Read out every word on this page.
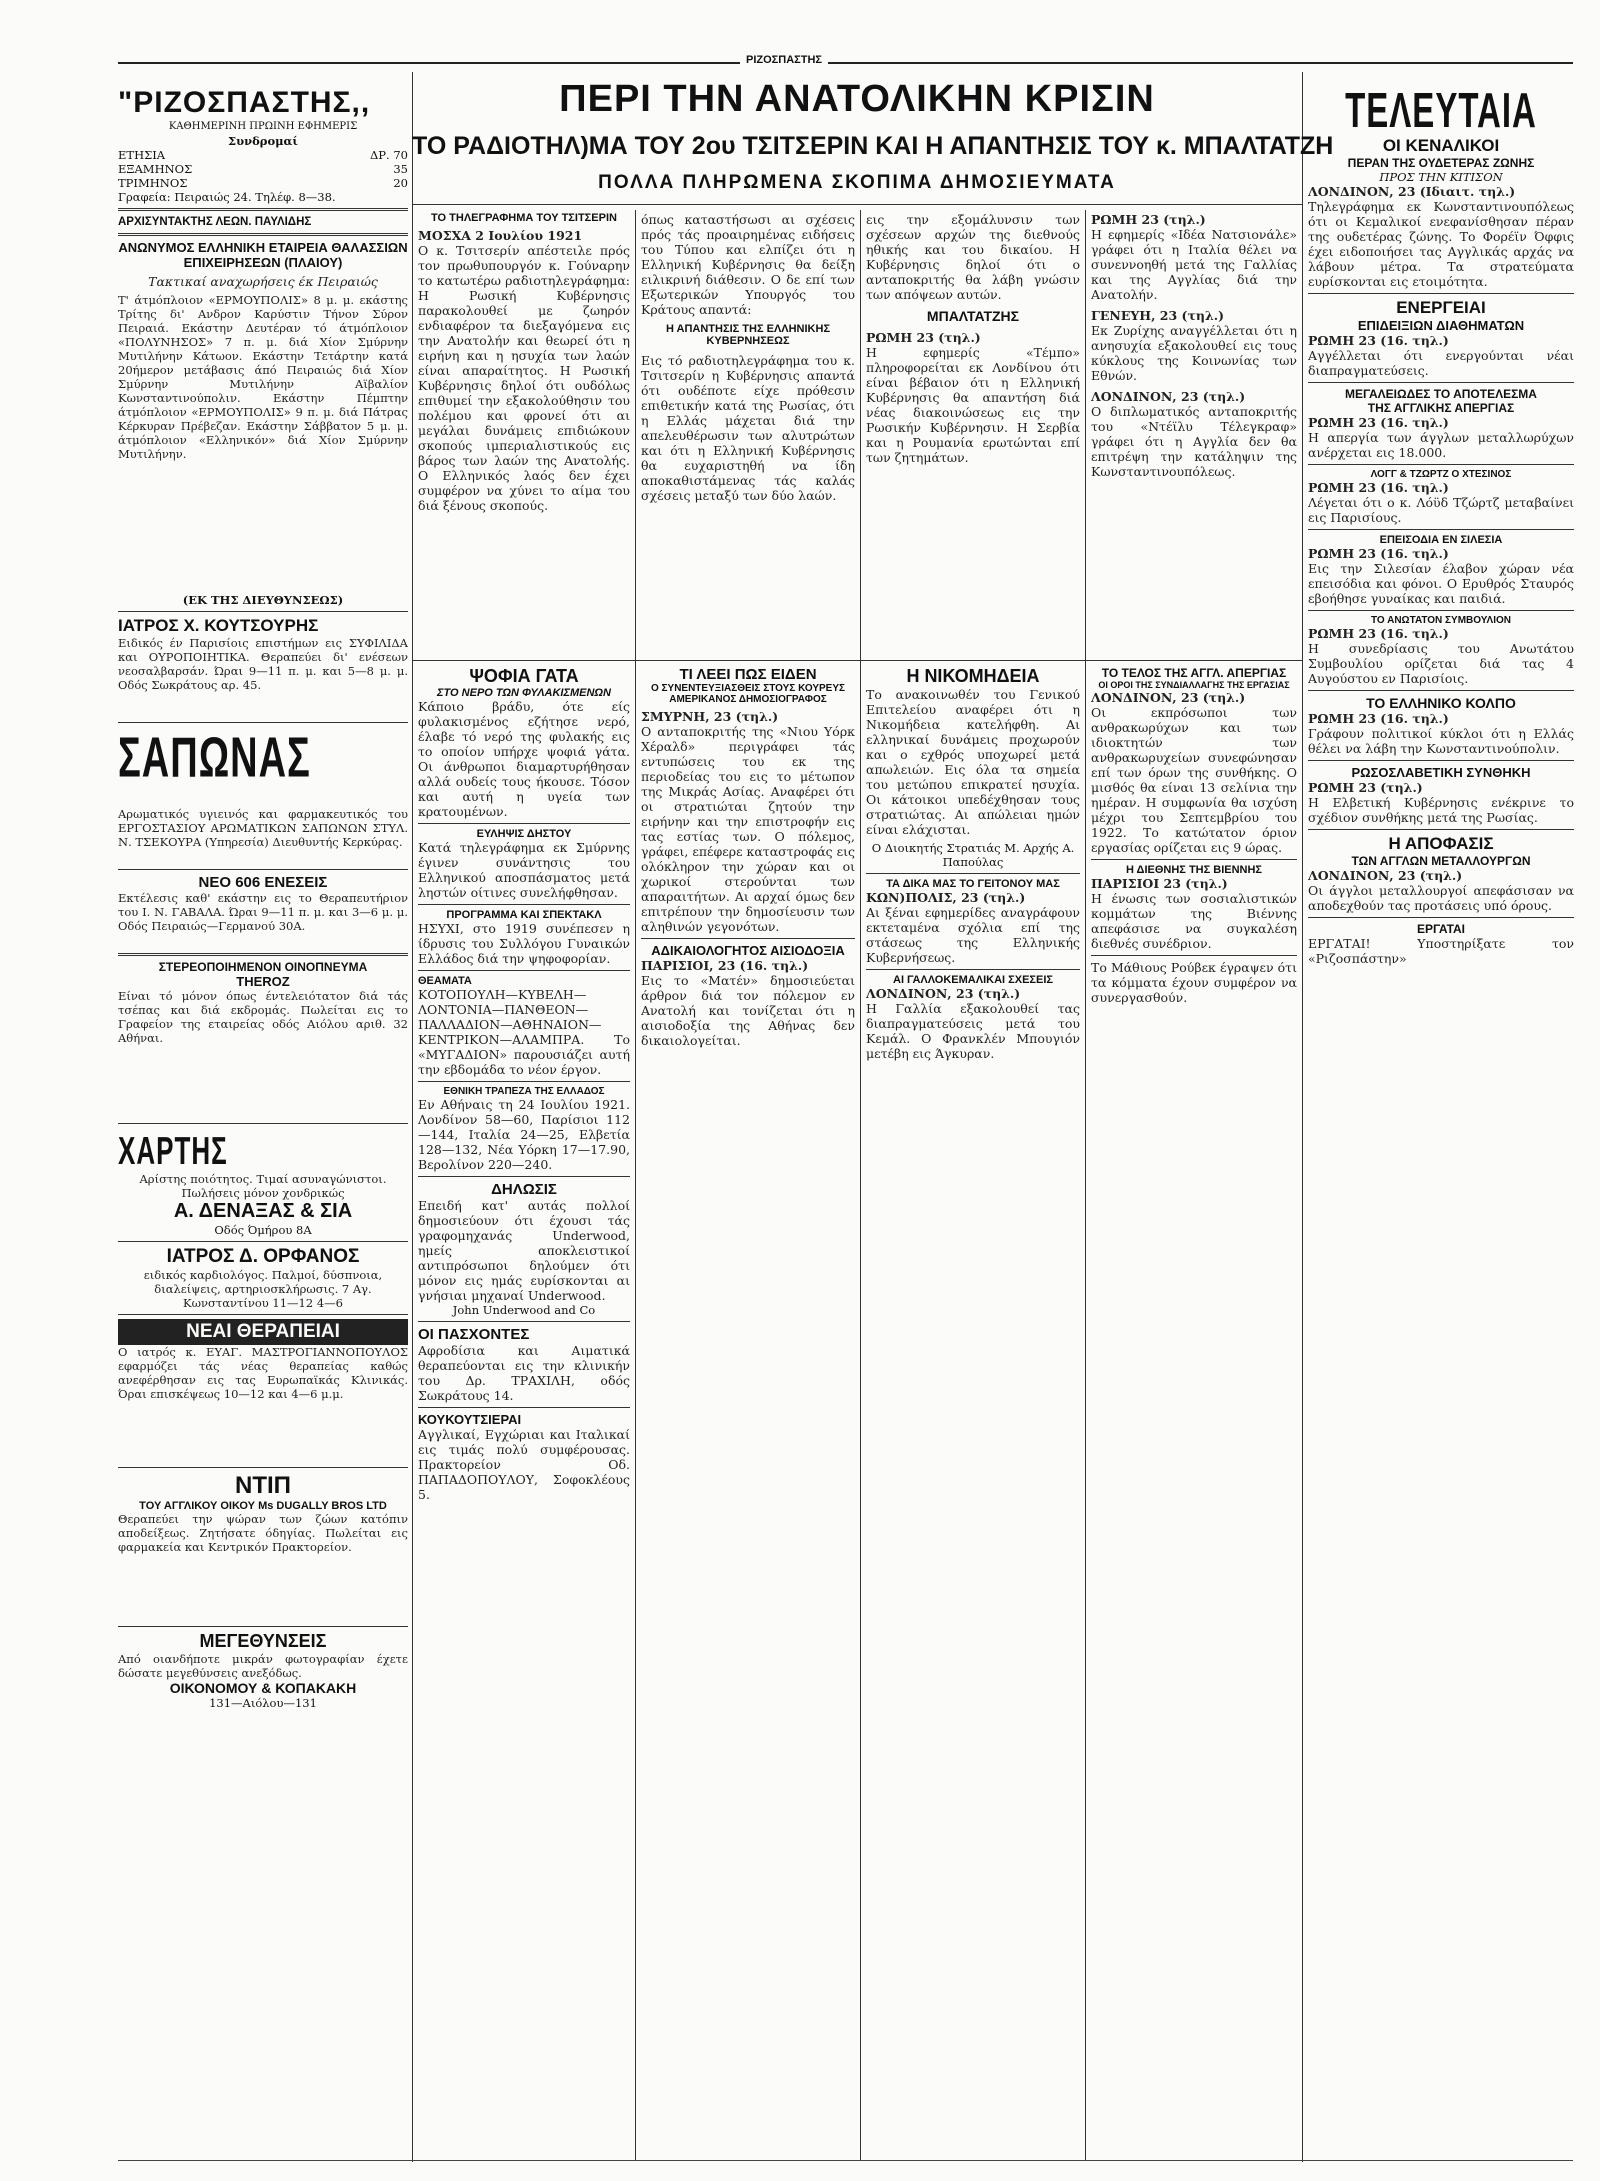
ΡΙΖΟΣΠΑΣΤΗΣ
"ΡΙΖΟΣΠΑΣΤΗΣ,,
ΚΑΘΗΜΕΡΙΝΗ ΠΡΩΙΝΗ ΕΦΗΜΕΡΙΣ
Συνδρομαί
ΕΤΗΣΙΑ	ΔΡ. 70
ΕΞΑΜΗΝΟΣ	35
ΤΡΙΜΗΝΟΣ	20
Γραφεία: Πειραιώς 24. Τηλέφ. 8—38.
ΑΡΧΙΣΥΝΤΑΚΤΗΣ ΛΕΩΝ. ΠΑΥΛΙΔΗΣ
ΑΝΩΝΥΜΟΣ ΕΛΛΗΝΙΚΗ ΕΤΑΙΡΕΙΑ ΘΑΛΑΣΣΙΩΝ ΕΠΙΧΕΙΡΗΣΕΩΝ (ΠΛΑΙΟΥ)
Τακτικαί αναχωρήσεις έκ Πειραιώς
Τ' άτμόπλοιον «ΕΡΜΟΥΠΟΛΙΣ» 8 μ. μ. εκάστης Τρίτης δι' Ανδρον Καρύστιν Τήνον Σύρον Πειραιά. Εκάστην Δευτέραν τό άτμόπλοιον «ΠΟΛΥΝΗΣΟΣ» 7 π. μ. διά Χίον Σμύρνην Μυτιλήνην Κάτωον. Εκάστην Τετάρτην κατά 20ήμερον μετάβασις άπό Πειραιώς διά Χίον Σμύρνην Μυτιλήνην Αϊβαλίον Κωνσταντινούπολιν. Εκάστην Πέμπτην άτμόπλοιον «ΕΡΜΟΥΠΟΛΙΣ» 9 π. μ. διά Πάτρας Κέρκυραν Πρέβεζαν. Εκάστην Σάββατον 5 μ. μ. άτμόπλοιον «Ελληνικόν» διά Χίον Σμύρνην Μυτιλήνην.
(ΕΚ ΤΗΣ ΔΙΕΥΘΥΝΣΕΩΣ)
ΙΑΤΡΟΣ Χ. ΚΟΥΤΣΟΥΡΗΣ
Ειδικός έν Παρισίοις επιστήμων εις ΣΥΦΙΛΙΔΑ και ΟΥΡΟΠΟΙΗΤΙΚΑ. Θεραπεύει δι' ενέσεων νεοσαλβαρσάν. Ώραι 9—11 π. μ. και 5—8 μ. μ. Οδός Σωκράτους αρ. 45.
ΣΑΠΩΝΑΣ
Αρωματικός υγιεινός και φαρμακευτικός του ΕΡΓΟΣΤΑΣΙΟΥ ΑΡΩΜΑΤΙΚΩΝ ΣΑΠΩΝΩΝ ΣΤΥΛ. Ν. ΤΣΕΚΟΥΡΑ (Υπηρεσία) Διευθυντής Κερκύρας.
ΝΕΟ 606 ΕΝΕΣΕΙΣ
Εκτέλεσις καθ' εκάστην εις το Θεραπευτήριον του Ι. Ν. ΓΑΒΑΛΑ. Ώραι 9—11 π. μ. και 3—6 μ. μ. Οδός Πειραιώς—Γερμανού 30Α.
ΣΤΕΡΕΟΠΟΙΗΜΕΝΟΝ ΟΙΝΟΠΝΕΥΜΑ
THEROZ
Είναι τό μόνον όπως έντελειότατον διά τάς τσέπας και διά εκδρομάς. Πωλείται εις το Γραφείον της εταιρείας οδός Αιόλου αριθ. 32 Αθήναι.
ΧΑΡΤΗΣ
Αρίστης ποιότητος. Τιμαί ασυναγώνιστοι. Πωλήσεις μόνον χονδρικώς
Α. ΔΕΝΑΞΑΣ & ΣΙΑ
Οδός Όμήρου 8Α
ΙΑΤΡΟΣ Δ. ΟΡΦΑΝΟΣ
ειδικός καρδιολόγος. Παλμοί, δύσπνοια, διαλείψεις, αρτηριοσκλήρωσις. 7 Αγ. Κωνσταντίνου 11—12 4—6
ΝΕΑΙ ΘΕΡΑΠΕΙΑΙ
Ο ιατρός κ. ΕΥΑΓ. ΜΑΣΤΡΟΓΙΑΝΝΟΠΟΥΛΟΣ εφαρμόζει τάς νέας θεραπείας καθώς ανεφέρθησαν εις τας Ευρωπαϊκάς Κλινικάς. Όραι επισκέψεως 10—12 και 4—6 μ.μ.
ΝΤΙΠ
ΤΟΥ ΑΓΓΛΙΚΟΥ ΟΙΚΟΥ Μs DUGALLY BROS LTD
Θεραπεύει την ψώραν των ζώων κατόπιν αποδείξεως. Ζητήσατε όδηγίας. Πωλείται εις φαρμακεία και Κεντρικόν Πρακτορείον.
ΜΕΓΕΘΥΝΣΕΙΣ
Από οιανδήποτε μικράν φωτογραφίαν έχετε δώσατε μεγεθύνσεις ανεξόδως.
ΟΙΚΟΝΟΜΟΥ & ΚΟΠΑΚΑΚΗ
131—Αιόλου—131
ΠΕΡΙ ΤΗΝ ΑΝΑΤΟΛΙΚΗΝ ΚΡΙΣΙΝ
ΤΟ ΡΑΔΙΟΤΗΛ)ΜΑ ΤΟΥ 2ου ΤΣΙΤΣΕΡΙΝ ΚΑΙ Η ΑΠΑΝΤΗΣΙΣ ΤΟΥ κ. ΜΠΑΛΤΑΤΖΗ
ΠΟΛΛΑ ΠΛΗΡΩΜΕΝΑ ΣΚΟΠΙΜΑ ΔΗΜΟΣΙΕΥΜΑΤΑ
ΤΟ ΤΗΛΕΓΡΑΦΗΜΑ ΤΟΥ ΤΣΙΤΣΕΡΙΝ
ΜΟΣΧΑ 2 Ιουλίου 1921
Ο κ. Τσιτσερίν απέστειλε πρός τον πρωθυπουργόν κ. Γούναρην το κατωτέρω ραδιοτηλεγράφημα: Η Ρωσική Κυβέρνησις παρακολουθεί με ζωηρόν ενδιαφέρον τα διεξαγόμενα εις την Ανατολήν και θεωρεί ότι η ειρήνη και η ησυχία των λαών είναι απαραίτητος. Η Ρωσική Κυβέρνησις δηλοί ότι ουδόλως επιθυμεί την εξακολούθησιν του πολέμου και φρονεί ότι αι μεγάλαι δυνάμεις επιδιώκουν σκοπούς ιμπεριαλιστικούς εις βάρος των λαών της Ανατολής. Ο Ελληνικός λαός δεν έχει συμφέρον να χύνει το αίμα του διά ξένους σκοπούς.
όπως καταστήσωσι αι σχέσεις πρός τάς προαιρημένας ειδήσεις του Τύπου και ελπίζει ότι η Ελληνική Κυβέρνησις θα δείξη ειλικρινή διάθεσιν. Ο δε επί των Εξωτερικών Υπουργός του Κράτους απαντά:
Η ΑΠΑΝΤΗΣΙΣ ΤΗΣ ΕΛΛΗΝΙΚΗΣ ΚΥΒΕΡΝΗΣΕΩΣ
Εις τό ραδιοτηλεγράφημα του κ. Τσιτσερίν η Κυβέρνησις απαντά ότι ουδέποτε είχε πρόθεσιν επιθετικήν κατά της Ρωσίας, ότι η Ελλάς μάχεται διά την απελευθέρωσιν των αλυτρώτων και ότι η Ελληνική Κυβέρνησις θα ευχαριστηθή να ίδη αποκαθιστάμενας τάς καλάς σχέσεις μεταξύ των δύο λαών.
εις την εξομάλυνσιν των σχέσεων αρχών της διεθνούς ηθικής και του δικαίου. Η Κυβέρνησις δηλοί ότι ο ανταποκριτής θα λάβη γνώσιν των απόψεων αυτών.
ΜΠΑΛΤΑΤΖΗΣ
ΡΩΜΗ 23 (τηλ.)
Η εφημερίς «Τέμπο» πληροφορείται εκ Λονδίνου ότι είναι βέβαιον ότι η Ελληνική Κυβέρνησις θα απαντήση διά νέας διακοινώσεως εις την Ρωσικήν Κυβέρνησιν. Η Σερβία και η Ρουμανία ερωτώνται επί των ζητημάτων.
ΡΩΜΗ 23 (τηλ.)
Η εφημερίς «Ιδέα Νατσιονάλε» γράφει ότι η Ιταλία θέλει να συνεννοηθή μετά της Γαλλίας και της Αγγλίας διά την Ανατολήν.
ΓΕΝΕΥΗ, 23 (τηλ.)
Εκ Ζυρίχης αναγγέλλεται ότι η ανησυχία εξακολουθεί εις τους κύκλους της Κοινωνίας των Εθνών.
ΛΟΝΔΙΝΟΝ, 23 (τηλ.)
Ο διπλωματικός ανταποκριτής του «Ντέϊλυ Τέλεγκραφ» γράφει ότι η Αγγλία δεν θα επιτρέψη την κατάληψιν της Κωνσταντινουπόλεως.
ΨΟΦΙΑ ΓΑΤΑ
ΣΤΟ ΝΕΡΟ ΤΩΝ ΦΥΛΑΚΙΣΜΕΝΩΝ
Κάποιο βράδυ, ότε είς φυλακισμένος εζήτησε νερό, έλαβε τό νερό της φυλακής εις το οποίον υπήρχε ψοφιά γάτα. Οι άνθρωποι διαμαρτυρήθησαν αλλά ουδείς τους ήκουσε. Τόσον και αυτή η υγεία των κρατουμένων.
ΕΥΛΗΨΙΣ ΔΗΣΤΟΥ
Κατά τηλεγράφημα εκ Σμύρνης έγινεν συνάντησις του Ελληνικού αποσπάσματος μετά ληστών οίτινες συνελήφθησαν.
ΠΡΟΓΡΑΜΜΑ ΚΑΙ ΣΠΕΚΤΑΚΛ
ΗΣΥΧΙ, στο 1919 συνέπεσεν η ίδρυσις του Συλλόγου Γυναικών Ελλάδος διά την ψηφοφορίαν.
ΘΕΑΜΑΤΑ
ΚΟΤΟΠΟΥΛΗ—ΚΥΒΕΛΗ—ΛΟΝΤΟΝΙΑ—ΠΑΝΘΕΟΝ—ΠΑΛΛΑΔΙΟΝ—ΑΘΗΝΑΙΟΝ—ΚΕΝΤΡΙΚΟΝ—ΑΛΑΜΠΡΑ. Το «ΜΥΓΑΔΙΟΝ» παρουσιάζει αυτή την εβδομάδα το νέον έργον.
ΕΘΝΙΚΗ ΤΡΑΠΕΖΑ ΤΗΣ ΕΛΛΑΔΟΣ
Εν Αθήναις τη 24 Ιουλίου 1921. Λονδίνον 58—60, Παρίσιοι 112—144, Ιταλία 24—25, Ελβετία 128—132, Νέα Υόρκη 17—17.90, Βερολίνον 220—240.
ΔΗΛΩΣΙΣ
Επειδή κατ' αυτάς πολλοί δημοσιεύουν ότι έχουσι τάς γραφομηχανάς Underwood, ημείς αποκλειστικοί αντιπρόσωποι δηλούμεν ότι μόνον εις ημάς ευρίσκονται αι γνήσιαι μηχαναί Underwood.
John Underwood and Co
ΟΙ ΠΑΣΧΟΝΤΕΣ
Αφροδίσια και Αιματικά θεραπεύονται εις την κλινικήν του Δρ. ΤΡΑΧΙΛΗ, οδός Σωκράτους 14.
ΚΟΥΚΟΥΤΣΙΕΡΑΙ
Αγγλικαί, Εγχώριαι και Ιταλικαί εις τιμάς πολύ συμφέρουσας. Πρακτορείον Οδ. ΠΑΠΑΔΟΠΟΥΛΟΥ, Σοφοκλέους 5.
ΤΙ ΛΕΕΙ ΠΩΣ ΕΙΔΕΝ
Ο ΣΥΝΕΝΤΕΥΞΙΑΣΘΕΙΣ ΣΤΟΥΣ ΚΟΥΡΕΥΣ ΑΜΕΡΙΚΑΝΟΣ ΔΗΜΟΣΙΟΓΡΑΦΟΣ
ΣΜΥΡΝΗ, 23 (τηλ.)
Ο ανταποκριτής της «Νιου Υόρκ Χέραλδ» περιγράφει τάς εντυπώσεις του εκ της περιοδείας του εις το μέτωπον της Μικράς Ασίας. Αναφέρει ότι οι στρατιώται ζητούν την ειρήνην και την επιστροφήν εις τας εστίας των. Ο πόλεμος, γράφει, επέφερε καταστροφάς εις ολόκληρον την χώραν και οι χωρικοί στερούνται των απαραιτήτων. Αι αρχαί όμως δεν επιτρέπουν την δημοσίευσιν των αληθινών γεγονότων.
ΑΔΙΚΑΙΟΛΟΓΗΤΟΣ ΑΙΣΙΟΔΟΞΙΑ
ΠΑΡΙΣΙΟΙ, 23 (16. τηλ.)
Εις το «Ματέν» δημοσιεύεται άρθρον διά τον πόλεμον εν Ανατολή και τονίζεται ότι η αισιοδοξία της Αθήνας δεν δικαιολογείται.
Η ΝΙΚΟΜΗΔΕΙΑ
Το ανακοινωθέν του Γενικού Επιτελείου αναφέρει ότι η Νικομήδεια κατελήφθη. Αι ελληνικαί δυνάμεις προχωρούν και ο εχθρός υποχωρεί μετά απωλειών. Εις όλα τα σημεία του μετώπου επικρατεί ησυχία. Οι κάτοικοι υπεδέχθησαν τους στρατιώτας. Αι απώλειαι ημών είναι ελάχισται.
Ο Διοικητής Στρατιάς Μ. Αρχής Α. Παπούλας
ΤΑ ΔΙΚΑ ΜΑΣ ΤΟ ΓΕΙΤΟΝΟΥ ΜΑΣ
ΚΩΝ)ΠΟΛΙΣ, 23 (τηλ.)
Αι ξέναι εφημερίδες αναγράφουν εκτεταμένα σχόλια επί της στάσεως της Ελληνικής Κυβερνήσεως.
ΑΙ ΓΑΛΛΟΚΕΜΑΛΙΚΑΙ ΣΧΕΣΕΙΣ
ΛΟΝΔΙΝΟΝ, 23 (τηλ.)
Η Γαλλία εξακολουθεί τας διαπραγματεύσεις μετά του Κεμάλ. Ο Φρανκλέν Μπουγιόν μετέβη εις Άγκυραν.
ΤΟ ΤΕΛΟΣ ΤΗΣ ΑΓΓΛ. ΑΠΕΡΓΙΑΣ
ΟΙ ΟΡΟΙ ΤΗΣ ΣΥΝΔΙΑΛΛΑΓΗΣ ΤΗΣ ΕΡΓΑΣΙΑΣ
ΛΟΝΔΙΝΟΝ, 23 (τηλ.)
Οι εκπρόσωποι των ανθρακωρύχων και των ιδιοκτητών των ανθρακωρυχείων συνεφώνησαν επί των όρων της συνθήκης. Ο μισθός θα είναι 13 σελίνια την ημέραν. Η συμφωνία θα ισχύση μέχρι του Σεπτεμβρίου του 1922. Το κατώτατον όριον εργασίας ορίζεται εις 9 ώρας.
Η ΔΙΕΘΝΗΣ ΤΗΣ ΒΙΕΝΝΗΣ
ΠΑΡΙΣΙΟΙ 23 (τηλ.)
Η ένωσις των σοσιαλιστικών κομμάτων της Βιέννης απεφάσισε να συγκαλέση διεθνές συνέδριον.
Το Μάθιους Ρούβεκ έγραψεν ότι τα κόμματα έχουν συμφέρον να συνεργασθούν.
ΤΕΛΕΥΤΑΙΑ
ΟΙ ΚΕΝΑΛΙΚΟΙ
ΠΕΡΑΝ ΤΗΣ ΟΥΔΕΤΕΡΑΣ ΖΩΝΗΣ
ΠΡΟΣ ΤΗΝ ΚΙΤΙΣΟΝ
ΛΟΝΔΙΝΟΝ, 23 (Ιδιαιτ. τηλ.)
Τηλεγράφημα εκ Κωνσταντινουπόλεως ότι οι Κεμαλικοί ενεφανίσθησαν πέραν της ουδετέρας ζώνης. Το Φορέϊν Όφφις έχει ειδοποιήσει τας Αγγλικάς αρχάς να λάβουν μέτρα. Τα στρατεύματα ευρίσκονται εις ετοιμότητα.
ΕΝΕΡΓΕΙΑΙ
ΕΠΙΔΕΙΞΙΩΝ ΔΙΑΘΗΜΑΤΩΝ
ΡΩΜΗ 23 (16. τηλ.)
Αγγέλλεται ότι ενεργούνται νέαι διαπραγματεύσεις.
ΜΕΓΑΛΕΙΩΔΕΣ ΤΟ ΑΠΟΤΕΛΕΣΜΑ
ΤΗΣ ΑΓΓΛΙΚΗΣ ΑΠΕΡΓΙΑΣ
ΡΩΜΗ 23 (16. τηλ.)
Η απεργία των άγγλων μεταλλωρύχων ανέρχεται εις 18.000.
ΛΟΓΓ & ΤΖΩΡΤΖ Ο ΧΤΕΣΙΝΟΣ
ΡΩΜΗ 23 (16. τηλ.)
Λέγεται ότι ο κ. Λόϋδ Τζώρτζ μεταβαίνει εις Παρισίους.
ΕΠΕΙΣΟΔΙΑ ΕΝ ΣΙΛΕΣΙΑ
ΡΩΜΗ 23 (16. τηλ.)
Εις την Σιλεσίαν έλαβον χώραν νέα επεισόδια και φόνοι. Ο Ερυθρός Σταυρός εβοήθησε γυναίκας και παιδιά.
ΤΟ ΑΝΩΤΑΤΟΝ ΣΥΜΒΟΥΛΙΟΝ
ΡΩΜΗ 23 (16. τηλ.)
Η συνεδρίασις του Ανωτάτου Συμβουλίου ορίζεται διά τας 4 Αυγούστου εν Παρισίοις.
ΤΟ ΕΛΛΗΝΙΚΟ ΚΟΛΠΟ
ΡΩΜΗ 23 (16. τηλ.)
Γράφουν πολιτικοί κύκλοι ότι η Ελλάς θέλει να λάβη την Κωνσταντινούπολιν.
ΡΩΣΟΣΛΑΒΕΤΙΚΗ ΣΥΝΘΗΚΗ
ΡΩΜΗ 23 (τηλ.)
Η Ελβετική Κυβέρνησις ενέκρινε το σχέδιον συνθήκης μετά της Ρωσίας.
Η ΑΠΟΦΑΣΙΣ
ΤΩΝ ΑΓΓΛΩΝ ΜΕΤΑΛΛΟΥΡΓΩΝ
ΛΟΝΔΙΝΟΝ, 23 (τηλ.)
Οι άγγλοι μεταλλουργοί απεφάσισαν να αποδεχθούν τας προτάσεις υπό όρους.
ΕΡΓΑΤΑΙ
ΕΡΓΑΤΑΙ! Υποστηρίξατε τον «Ριζοσπάστην»
